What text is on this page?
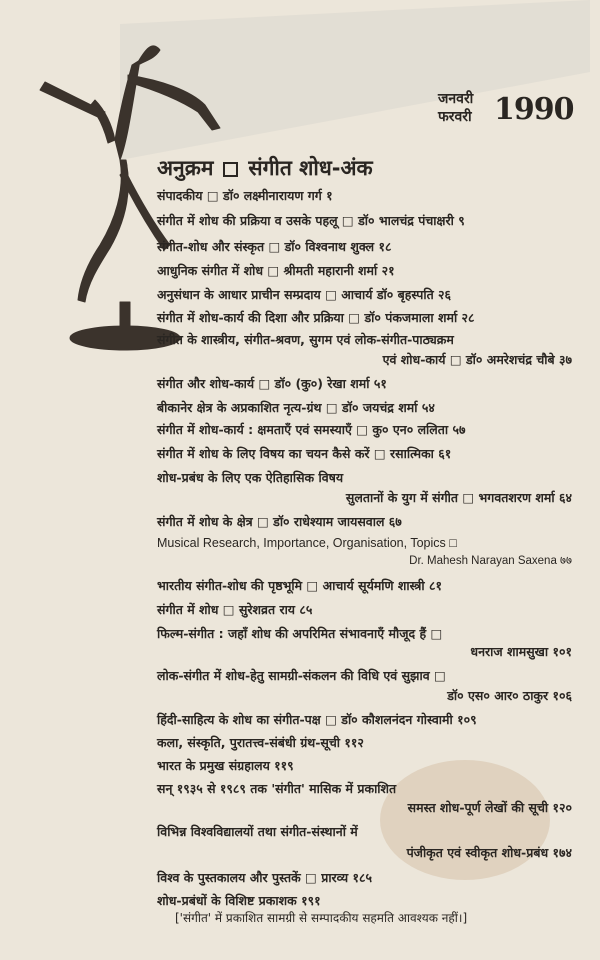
जनवरी
फरवरी 1990
अनुक्रम संगीत शोध-अंक
संपादकीय □ डॉ० लक्ष्मीनारायण गर्ग १
संगीत में शोध की प्रक्रिया व उसके पहलू □ डॉ० भालचंद्र पंचाक्षरी ९
संगीत-शोध और संस्कृत □ डॉ० विश्वनाथ शुक्ल १८
आधुनिक संगीत में शोध □ श्रीमती महारानी शर्मा २१
अनुसंधान के आधार प्राचीन सम्प्रदाय □ आचार्य डॉ० बृहस्पति २६
संगीत में शोध-कार्य की दिशा और प्रक्रिया □ डॉ० पंकजमाला शर्मा २८
संगीत के शास्त्रीय, संगीत-श्रवण, सुगम एवं लोक-संगीत-पाठ्यक्रम
एवं शोध-कार्य □ डॉ० अमरेशचंद्र चौबे ३७
संगीत और शोध-कार्य □ डॉ० (कु०) रेखा शर्मा ५१
बीकानेर क्षेत्र के अप्रकाशित नृत्य-ग्रंथ □ डॉ० जयचंद्र शर्मा ५४
संगीत में शोध-कार्य : क्षमताएँ एवं समस्याएँ □ कु० एन० ललिता ५७
संगीत में शोध के लिए विषय का चयन कैसे करें □ रसात्मिका ६१
शोध-प्रबंध के लिए एक ऐतिहासिक विषय
सुलतानों के युग में संगीत □ भगवतशरण शर्मा ६४
संगीत में शोध के क्षेत्र □ डॉ० राधेश्याम जायसवाल ६७
Musical Research, Importance, Organisation, Topics □
Dr. Mahesh Narayan Saxena ७७
भारतीय संगीत-शोध की पृष्ठभूमि □ आचार्य सूर्यमणि शास्त्री ८१
संगीत में शोध □ सुरेशव्रत राय ८५
फिल्म-संगीत : जहाँ शोध की अपरिमित संभावनाएँ मौजूद हैं □
धनराज शामसुखा १०१
लोक-संगीत में शोध-हेतु सामग्री-संकलन की विधि एवं सुझाव □
डॉ० एस० आर० ठाकुर १०६
हिंदी-साहित्य के शोध का संगीत-पक्ष □ डॉ० कौशलनंदन गोस्वामी १०९
कला, संस्कृति, पुरातत्त्व-संबंधी ग्रंथ-सूची ११२
भारत के प्रमुख संग्रहालय ११९
सन् १९३५ से १९८९ तक 'संगीत' मासिक में प्रकाशित
समस्त शोध-पूर्ण लेखों की सूची १२०
विभिन्न विश्वविद्यालयों तथा संगीत-संस्थानों में
पंजीकृत एवं स्वीकृत शोध-प्रबंध १७४
विश्व के पुस्तकालय और पुस्तकें □ प्रारव्य १८५
शोध-प्रबंधों के विशिष्ट प्रकाशक १९१
['संगीत' में प्रकाशित सामग्री से सम्पादकीय सहमति आवश्यक नहीं।]
